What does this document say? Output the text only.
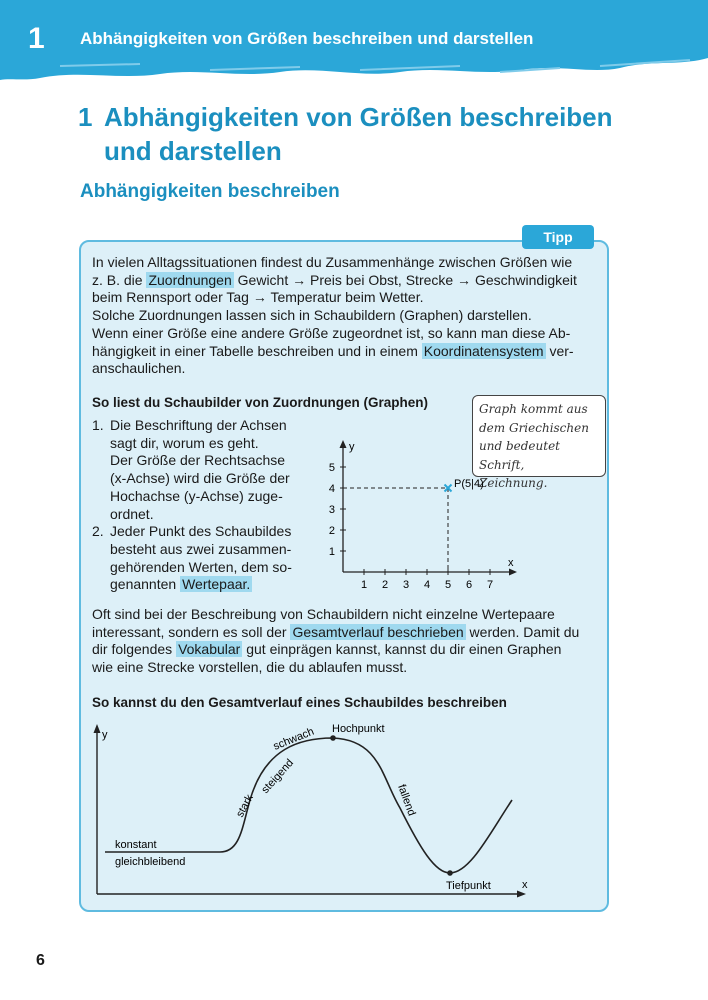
1 Abhängigkeiten von Größen beschreiben und darstellen
1 Abhängigkeiten von Größen beschreiben
und darstellen
Abhängigkeiten beschreiben
Tipp
In vielen Alltagssituationen findest du Zusammenhänge zwischen Größen wie
z. B. die Zuordnungen Gewicht → Preis bei Obst, Strecke → Geschwindigkeit
beim Rennsport oder Tag → Temperatur beim Wetter.
Solche Zuordnungen lassen sich in Schaubildern (Graphen) darstellen.
Wenn einer Größe eine andere Größe zugeordnet ist, so kann man diese Ab-
hängigkeit in einer Tabelle beschreiben und in einem Koordinatensystem ver-
anschaulichen.
So liest du Schaubilder von Zuordnungen (Graphen)	Graph kommt aus
dem Griechischen
und bedeutet Schrift,
Zeichnung.
1. Die Beschriftung der Achsen
sagt dir, worum es geht.
Der Größe der Rechtsachse
(x-Achse) wird die Größe der
Hochachse (y-Achse) zuge-
ordnet.
2. Jeder Punkt des Schaubildes
besteht aus zwei zusammen-
gehörenden Werten, dem so-
genannten Wertepaar.
x
y
1 2 3 4 5 6 7
1
2
3
4
5
P(5|4)
Oft sind bei der Beschreibung von Schaubildern nicht einzelne Wertepaare
interessant, sondern es soll der Gesamtverlauf beschrieben werden. Damit du
dir folgendes Vokabular gut einprägen kannst, kannst du dir einen Graphen
wie eine Strecke vorstellen, die du ablaufen musst.
So kannst du den Gesamtverlauf eines Schaubildes beschreiben
y
x
konstant
gleichbleibend
stark
steigend
schwach Hochpunkt
fallend
Tiefpunkt
6
